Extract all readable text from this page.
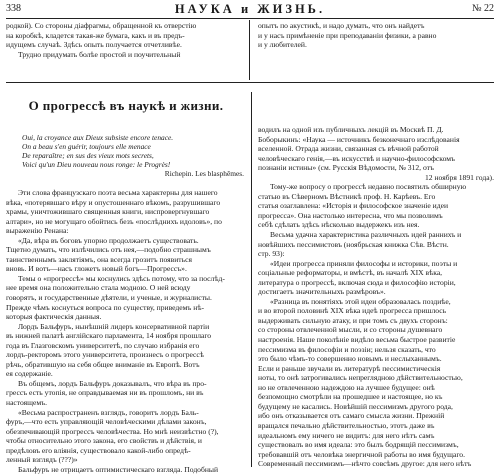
338	НАУКА и ЖИЗНЬ.	№ 22

родкой). Со стороны діафрагмы, обращенной къ отверстію

на коробкѣ, кладется такая-же бумага, какъ и въ предъ-

идущемъ случаѣ. Здѣсь опыть получается отчетливѣе.

Трудно придумать болѣе простой и поучительный

опытъ по акустикѣ, и надо думать, что онъ найдетъ

и у насъ примѣненіе при преподаваніи физики, а равно

и у любителей.

О прогрессѣ въ наукѣ и жизни.
Oui, la croyance aux Dieux subsiste encore tenace.
On a beau s'en guérir, toujours elle menace
De reparaître; en sus des vieux mots secrets,
Voici qu'un Dieu nouveau nous ronge: le Progrès!
Richepin. Les blasphêmes.

Эти слова французскаго поэта весьма характерны для нашего

вѣка, «потерявшаго вѣру и опустошеннаго вѣкомъ, разрушившаго

храмы, уничтожившаго священныя книги, ниспровергнувшаго

алтари», но не могущаго обойтись безъ «послѣднихъ идоловъ», по

выраженію Ренана:

«Да, вѣра въ боговъ упорно продолжаетъ существовать.

Тщетно думать, что излѣчились отъ нея,—подобно страшнымъ

таинственнымъ заклятіямъ, она всегда грозитъ появиться

вновь. И вотъ—насъ гложетъ новый богъ—Прогрессъ».

Темы о «прогрессѣ» мы коснулись здѣсь потому, что за послѣд-

нее время она положительно стала модною. О ней всюду

говорятъ, и государственные дѣятели, и ученые, и журналисты.

Прежде чѣмъ коснуться вопроса по существу, приведемъ нѣ-

которыя фактическія данныя.

Лордъ Бальфуръ, нынѣшній лидеръ консервативной партіи

въ нижней палатѣ англійскаго парламента, 14 ноября прошлаго

года въ Глазговскомъ университетѣ, по случаю избранія его

лордъ-ректоромъ этого университета, произнесъ о прогрессѣ

рѣчь, обратившую на себя общее вниманіе въ Европѣ. Вотъ

ея содержаніе.

Въ общемъ, лордъ Бальфуръ доказывалъ, что вѣра въ про-

грессъ есть утопія, не оправдываемая ни въ прошломъ, ни въ

настоящемъ.

«Весьма распространенъ взглядъ, говоритъ лордъ Баль-

фуръ,—что есть управляющій человѣческими дѣлами законъ,

обезпечивающій прогрессъ человѣчества. Но мнѣ неизвѣстно (?),

чтобы относительно этого закона, его свойствъ и дѣйствія, и

предѣловъ его вліянія, существовало какой-либо опредѣ-

ленный взглядъ (???)»

Бальфуръ не отрицаетъ оптимистическаго взгляда. Подобный

водилъ на одной изъ публичныхъ лекцій въ Москвѣ П. Д.

Боборыкинъ: «Наука — источникъ безконечнаго изслѣдованія

вселенной. Отрада жизни, связанная съ вѣчной работой

человѣческаго генія,—въ искусствѣ и научно-философскомъ

познаніи истины» (см. Русскія Вѣдомости, № 312, отъ

12 ноября 1891 года).

Тому-же вопросу о прогрессѣ недавно посвятилъ обширную

статью въ Сѣверномъ Вѣстникѣ проф. Н. Карѣевъ. Его

статья озаглавлена: «Исторія и философское значеніе идеи

прогресса». Она настолько интересна, что мы позволимъ

себѣ сдѣлать здѣсь нѣсколько выдержекъ изъ нея.

Весьма удачна характеристика различныхъ идей раннихъ и

новѣйшихъ пессимистовъ (ноябрьская книжка Сѣв. Вѣстн.

стр. 93):

«Идеи прогресса приняли философы и историки, поэты и

соціальные реформаторы, и вмѣстѣ, въ началѣ XIX вѣка,

литература о прогрессѣ, включая сюда и философію исторіи,

достигаетъ значительныхъ размѣровъ».

«Разница въ понятіяхъ этой идеи образовалась поздиѣе,

и во второй половинѣ XIX вѣка идеѣ прогресса пришлось

выдерживать сильную атаку, и при томъ съ двухъ сторонъ:

со стороны отвлеченной мысли, и со стороны душевнаго

настроенія. Наше поколѣніе видѣло весьма быстрое развитіе

пессимизма въ философіи и поэзіи; нельзя сказать, что

это было чѣмъ-то совершенно новымъ и неслыханнымъ.

Если и раньше звучали въ литературѣ пессимистическія

ноты, то онѣ затрогивались непреглядною дѣйствительностью,

но не отвлеченною надеждою на лучшее будущее: онѣ

безпомощно смотрѣли на прошедшее и настоящее, но къ

будущему не касались. Новѣйшій пессимизмъ другого рода,

ибо онъ отказывается отъ самаго смысла жизни. Прежній

вращался печально дѣйствительностью, этотъ даже въ

идеальномъ ему ничего не видитъ: для него нѣтъ самъ

существовалъ во имя идеала: это былъ бодрящій пессимизмъ,

требовавшій отъ человѣка энергичной работы во имя будущаго.

Современный пессимизмъ—нѣчто совсѣмъ другое: для него нѣтъ
